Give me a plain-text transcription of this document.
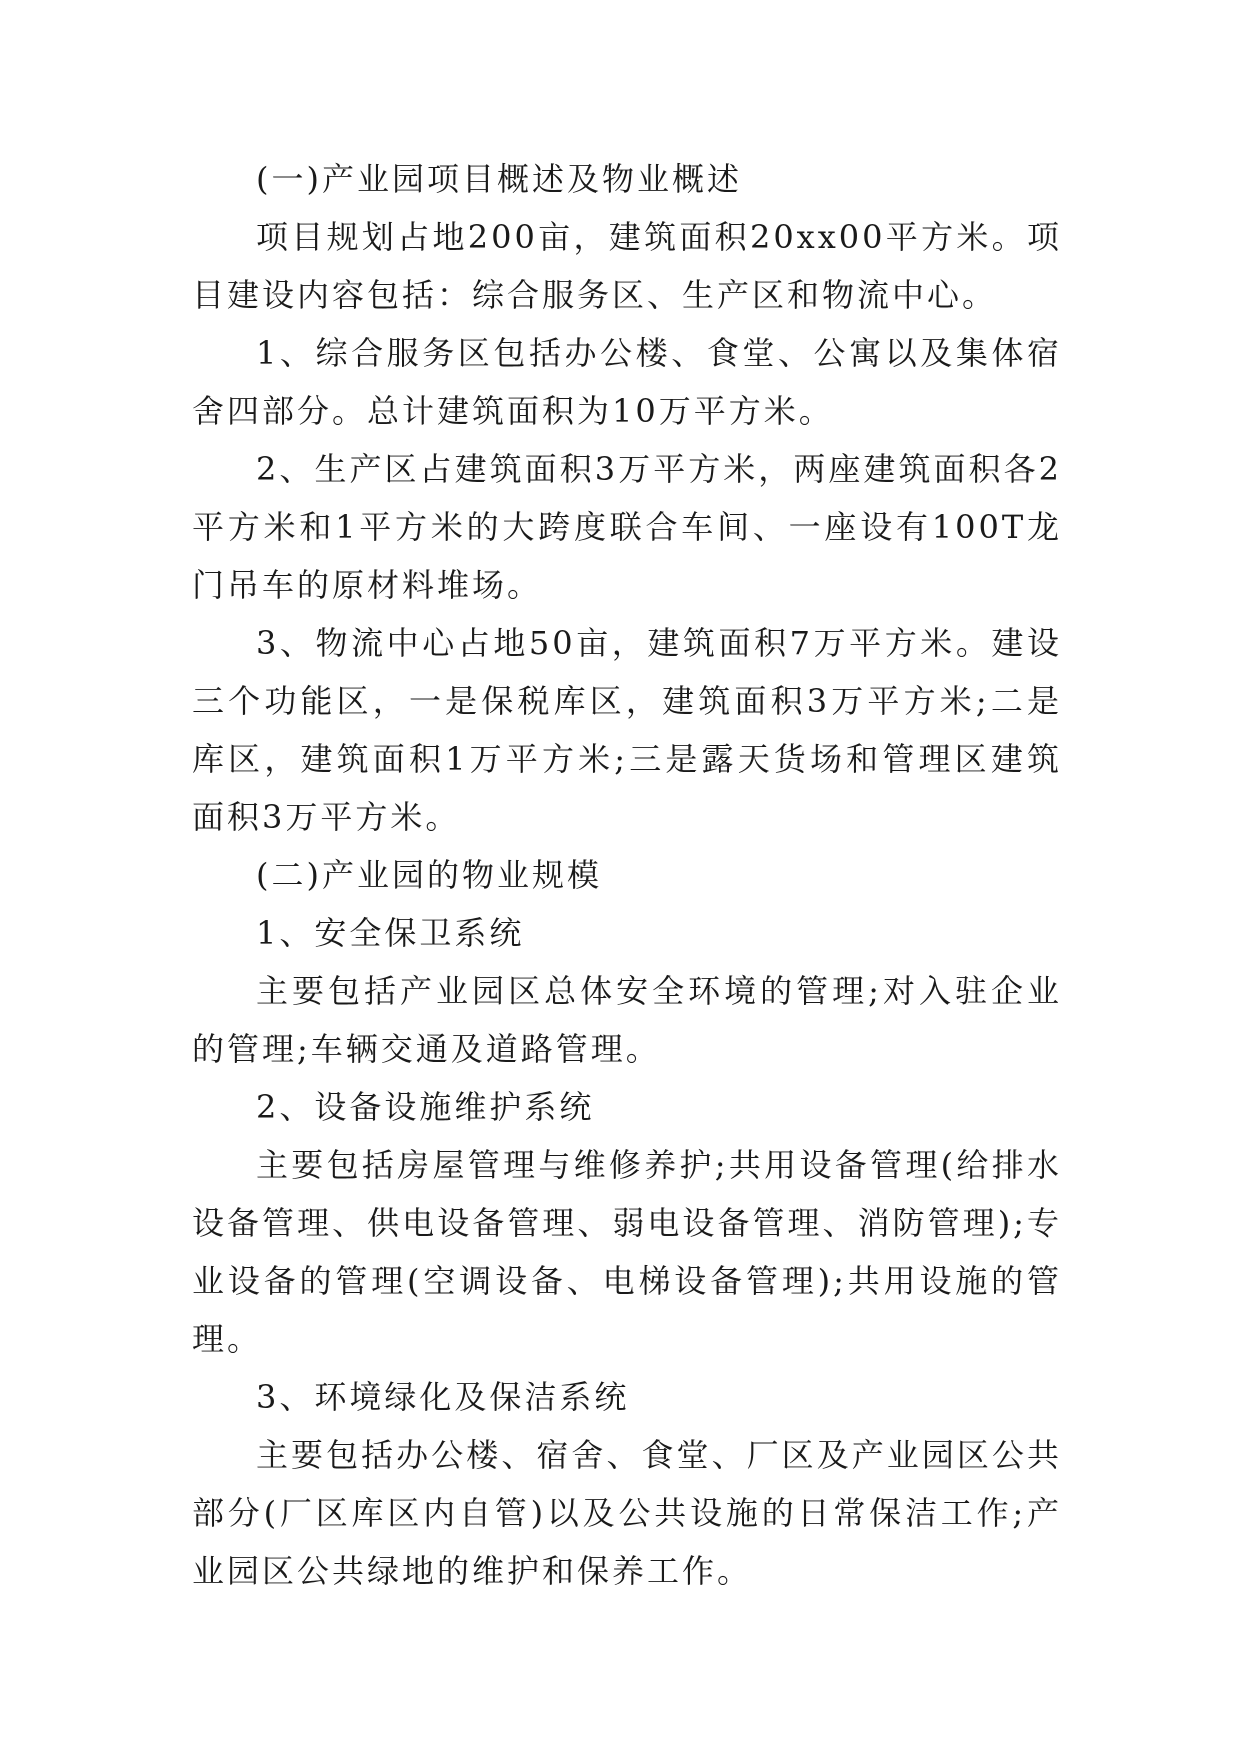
(一)产业园项目概述及物业概述

项目规划占地200亩，建筑面积20xx00平方米。项目建设内容包括：综合服务区、生产区和物流中心。

1、综合服务区包括办公楼、食堂、公寓以及集体宿舍四部分。总计建筑面积为10万平方米。

2、生产区占建筑面积3万平方米，两座建筑面积各2平方米和1平方米的大跨度联合车间、一座设有100T龙门吊车的原材料堆场。

3、物流中心占地50亩，建筑面积7万平方米。建设三个功能区，一是保税库区，建筑面积3万平方米;二是库区，建筑面积1万平方米;三是露天货场和管理区建筑面积3万平方米。

(二)产业园的物业规模

1、安全保卫系统

主要包括产业园区总体安全环境的管理;对入驻企业的管理;车辆交通及道路管理。

2、设备设施维护系统

主要包括房屋管理与维修养护;共用设备管理(给排水设备管理、供电设备管理、弱电设备管理、消防管理);专业设备的管理(空调设备、电梯设备管理);共用设施的管理。

3、环境绿化及保洁系统

主要包括办公楼、宿舍、食堂、厂区及产业园区公共部分(厂区库区内自管)以及公共设施的日常保洁工作;产业园区公共绿地的维护和保养工作。
